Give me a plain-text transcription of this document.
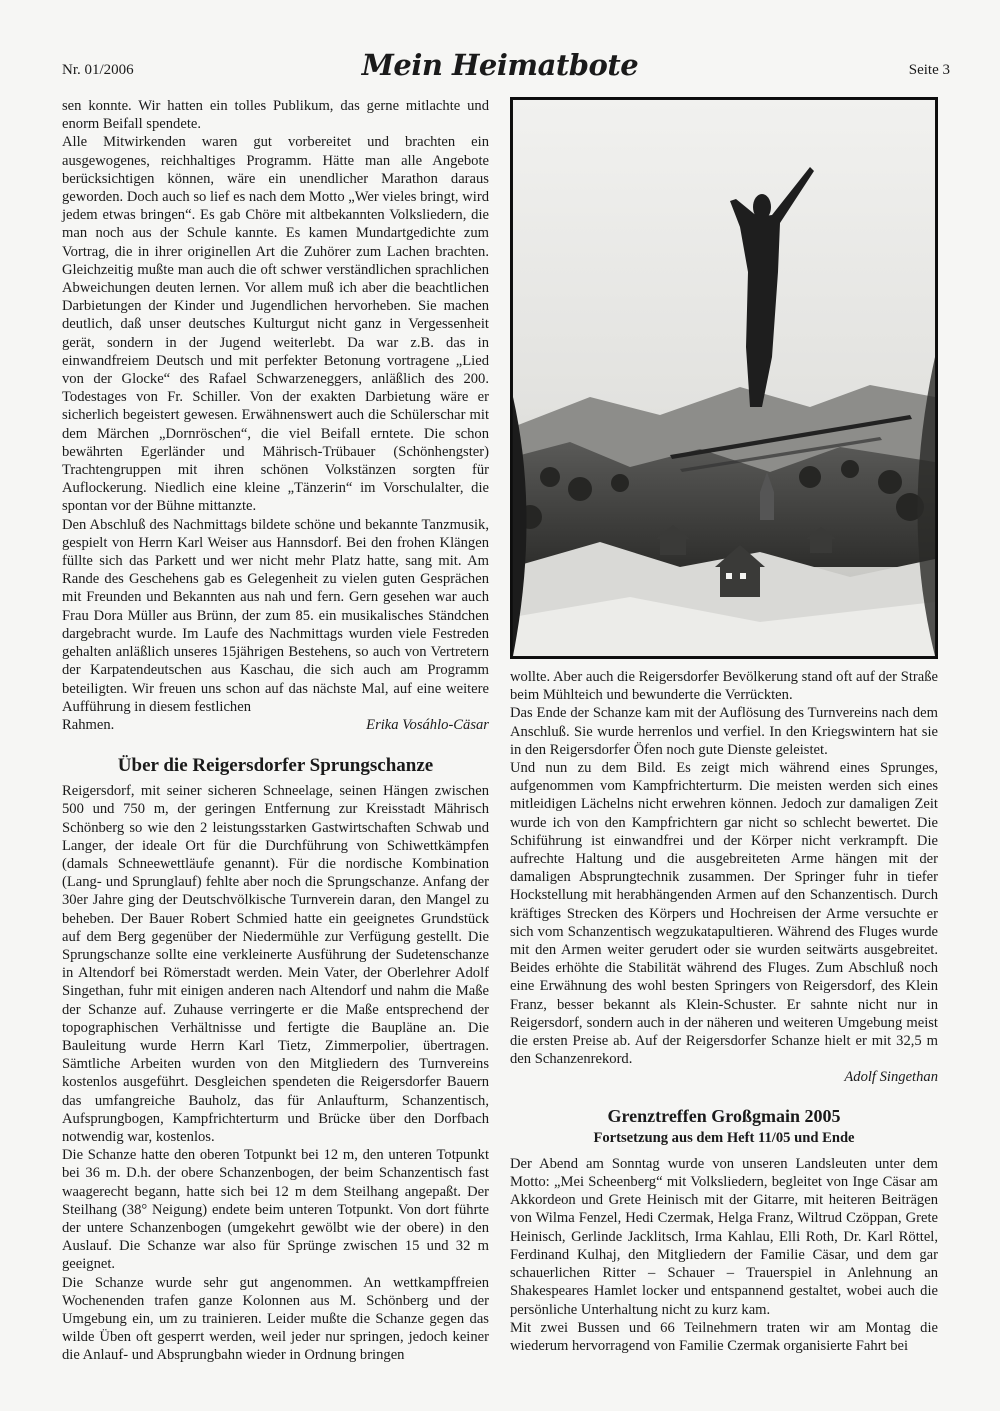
Nr. 01/2006	Mein Heimatbote	Seite 3

sen konnte. Wir hatten ein tolles Publikum, das gerne mitlachte und enorm Beifall spendete.

Alle Mitwirkenden waren gut vorbereitet und brachten ein ausgewogenes, reichhaltiges Programm. Hätte man alle Angebote berücksichtigen können, wäre ein unendlicher Marathon daraus geworden. Doch auch so lief es nach dem Motto „Wer vieles bringt, wird jedem etwas bringen“. Es gab Chöre mit altbekannten Volksliedern, die man noch aus der Schule kannte. Es kamen Mundartgedichte zum Vortrag, die in ihrer originellen Art die Zuhörer zum Lachen brachten. Gleichzeitig mußte man auch die oft schwer verständlichen sprachlichen Abweichungen deuten lernen. Vor allem muß ich aber die beachtlichen Darbietungen der Kinder und Jugendlichen hervorheben. Sie machen deutlich, daß unser deutsches Kulturgut nicht ganz in Vergessenheit gerät, sondern in der Jugend weiterlebt. Da war z.B. das in einwandfreiem Deutsch und mit perfekter Betonung vortragene „Lied von der Glocke“ des Rafael Schwarzeneggers, anläßlich des 200. Todestages von Fr. Schiller. Von der exakten Darbietung wäre er sicherlich begeistert gewesen. Erwähnenswert auch die Schülerschar mit dem Märchen „Dornröschen“, die viel Beifall erntete. Die schon bewährten Egerländer und Mährisch-Trübauer (Schönhengster) Trachtengruppen mit ihren schönen Volkstänzen sorgten für Auflockerung. Niedlich eine kleine „Tänzerin“ im Vorschulalter, die spontan vor der Bühne mittanzte.

Den Abschluß des Nachmittags bildete schöne und bekannte Tanzmusik, gespielt von Herrn Karl Weiser aus Hannsdorf. Bei den frohen Klängen füllte sich das Parkett und wer nicht mehr Platz hatte, sang mit. Am Rande des Geschehens gab es Gelegenheit zu vielen guten Gesprächen mit Freunden und Bekannten aus nah und fern. Gern gesehen war auch Frau Dora Müller aus Brünn, der zum 85. ein musikalisches Ständchen dargebracht wurde. Im Laufe des Nachmittags wurden viele Festreden gehalten anläßlich unseres 15jährigen Bestehens, so auch von Vertretern der Karpatendeutschen aus Kaschau, die sich auch am Programm beteiligten. Wir freuen uns schon auf das nächste Mal, auf eine weitere Aufführung in diesem festlichen

Rahmen.	Erika Vosáhlo-Cäsar
Über die Reigersdorfer Sprungschanze

Reigersdorf, mit seiner sicheren Schneelage, seinen Hängen zwischen 500 und 750 m, der geringen Entfernung zur Kreisstadt Mährisch Schönberg so wie den 2 leistungsstarken Gastwirtschaften Schwab und Langer, der ideale Ort für die Durchführung von Schiwettkämpfen (damals Schneewettläufe genannt). Für die nordische Kombination (Lang- und Sprunglauf) fehlte aber noch die Sprungschanze. Anfang der 30er Jahre ging der Deutschvölkische Turnverein daran, den Mangel zu beheben. Der Bauer Robert Schmied hatte ein geeignetes Grundstück auf dem Berg gegenüber der Niedermühle zur Verfügung gestellt. Die Sprungschanze sollte eine verkleinerte Ausführung der Sudetenschanze in Altendorf bei Römerstadt werden. Mein Vater, der Oberlehrer Adolf Singethan, fuhr mit einigen anderen nach Altendorf und nahm die Maße der Schanze auf. Zuhause verringerte er die Maße entsprechend der topographischen Verhältnisse und fertigte die Baupläne an. Die Bauleitung wurde Herrn Karl Tietz, Zimmerpolier, übertragen. Sämtliche Arbeiten wurden von den Mitgliedern des Turnvereins kostenlos ausgeführt. Desgleichen spendeten die Reigersdorfer Bauern das umfangreiche Bauholz, das für Anlaufturm, Schanzentisch, Aufsprungbogen, Kampfrichterturm und Brücke über den Dorfbach notwendig war, kostenlos.

Die Schanze hatte den oberen Totpunkt bei 12 m, den unteren Totpunkt bei 36 m. D.h. der obere Schanzenbogen, der beim Schanzentisch fast waagerecht begann, hatte sich bei 12 m dem Steilhang angepaßt. Der Steilhang (38° Neigung) endete beim unteren Totpunkt. Von dort führte der untere Schanzenbogen (umgekehrt gewölbt wie der obere) in den Auslauf. Die Schanze war also für Sprünge zwischen 15 und 32 m geeignet.

Die Schanze wurde sehr gut angenommen. An wettkampffreien Wochenenden trafen ganze Kolonnen aus M. Schönberg und der Umgebung ein, um zu trainieren. Leider mußte die Schanze gegen das wilde Üben oft gesperrt werden, weil jeder nur springen, jedoch keiner die Anlauf- und Absprungbahn wieder in Ordnung bringen

wollte. Aber auch die Reigersdorfer Bevölkerung stand oft auf der Straße beim Mühlteich und bewunderte die Verrückten.

Das Ende der Schanze kam mit der Auflösung des Turnvereins nach dem Anschluß. Sie wurde herrenlos und verfiel. In den Kriegswintern hat sie in den Reigersdorfer Öfen noch gute Dienste geleistet.

Und nun zu dem Bild. Es zeigt mich während eines Sprunges, aufgenommen vom Kampfrichterturm. Die meisten werden sich eines mitleidigen Lächelns nicht erwehren können. Jedoch zur damaligen Zeit wurde ich von den Kampfrichtern gar nicht so schlecht bewertet. Die Schiführung ist einwandfrei und der Körper nicht verkrampft. Die aufrechte Haltung und die ausgebreiteten Arme hängen mit der damaligen Absprungtechnik zusammen. Der Springer fuhr in tiefer Hockstellung mit herabhängenden Armen auf den Schanzentisch. Durch kräftiges Strecken des Körpers und Hochreisen der Arme versuchte er sich vom Schanzentisch wegzukatapultieren. Während des Fluges wurde mit den Armen weiter gerudert oder sie wurden seitwärts ausgebreitet. Beides erhöhte die Stabilität während des Fluges. Zum Abschluß noch eine Erwähnung des wohl besten Springers von Reigersdorf, des Klein Franz, besser bekannt als Klein-Schuster. Er sahnte nicht nur in Reigersdorf, sondern auch in der näheren und weiteren Umgebung meist die ersten Preise ab. Auf der Reigersdorfer Schanze hielt er mit 32,5 m den Schanzenrekord.

Adolf Singethan
Grenztreffen Großgmain 2005
Fortsetzung aus dem Heft 11/05 und Ende

Der Abend am Sonntag wurde von unseren Landsleuten unter dem Motto: „Mei Scheenberg“ mit Volksliedern, begleitet von Inge Cäsar am Akkordeon und Grete Heinisch mit der Gitarre, mit heiteren Beiträgen von Wilma Fenzel, Hedi Czermak, Helga Franz, Wiltrud Czöppan, Grete Heinisch, Gerlinde Jacklitsch, Irma Kahlau, Elli Roth, Dr. Karl Röttel, Ferdinand Kulhaj, den Mitgliedern der Familie Cäsar, und dem gar schauerlichen Ritter – Schauer – Trauerspiel in Anlehnung an Shakespeares Hamlet locker und entspannend gestaltet, wobei auch die persönliche Unterhaltung nicht zu kurz kam.

Mit zwei Bussen und 66 Teilnehmern traten wir am Montag die wiederum hervorragend von Familie Czermak organisierte Fahrt bei
